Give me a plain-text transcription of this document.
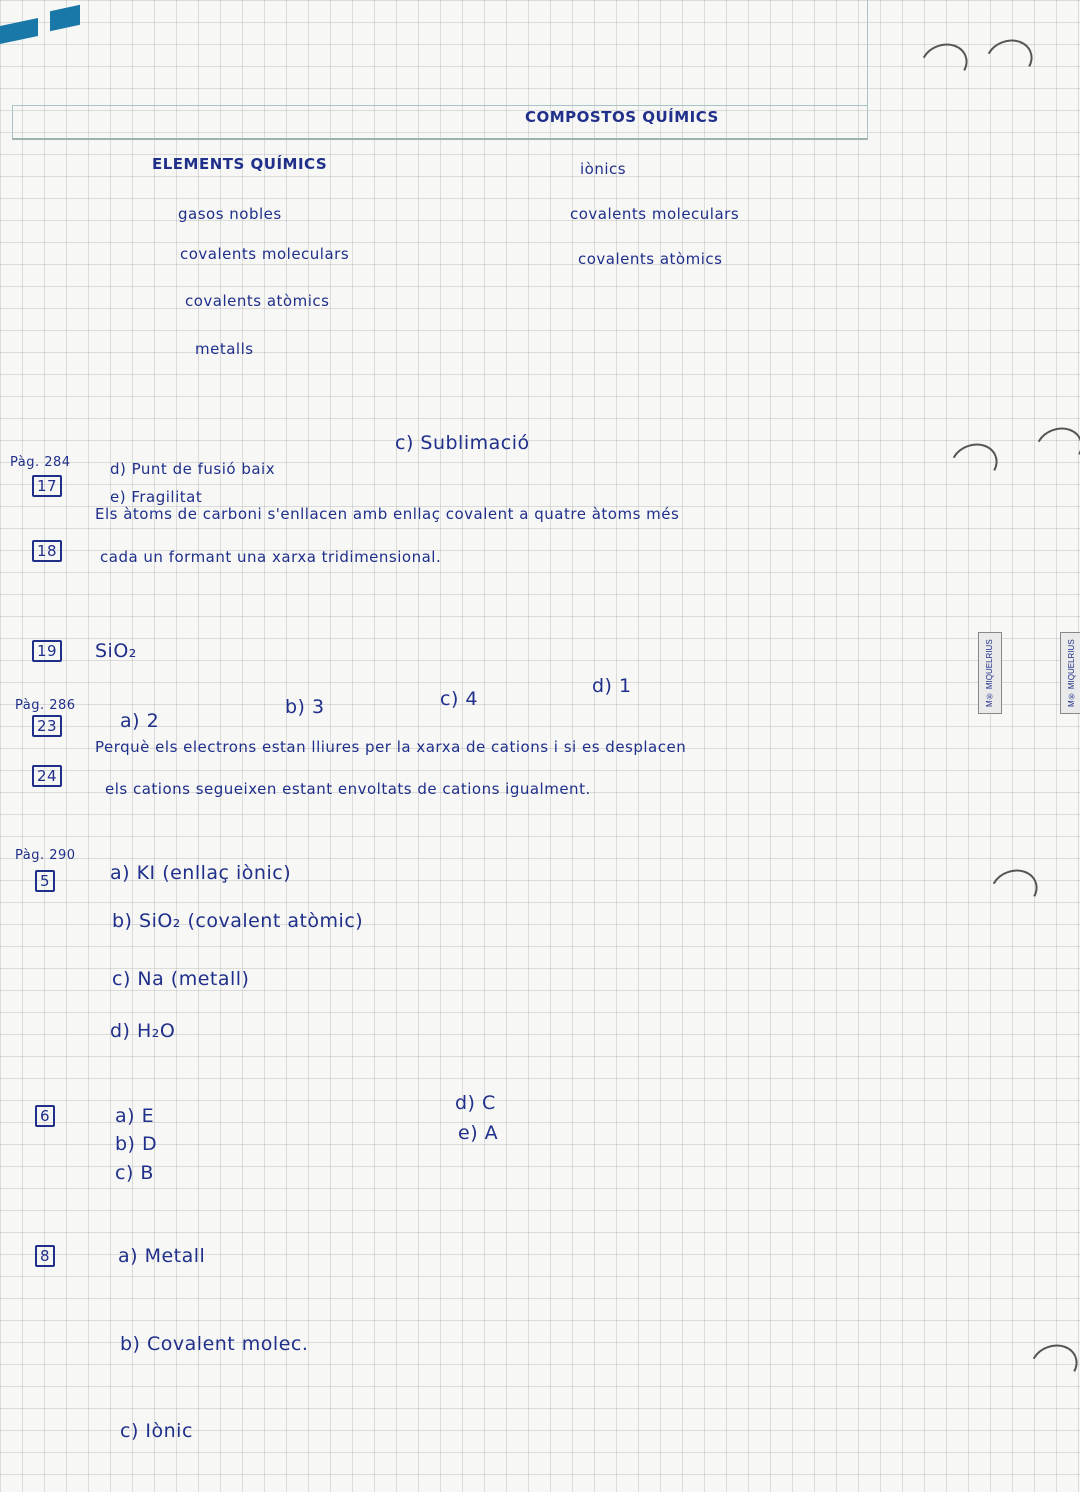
M® MIQUELRIUS	M® MIQUELRIUS
ELEMENTS QUÍMICS
COMPOSTOS QUÍMICS
gasos nobles
covalents moleculars
covalents atòmics
metalls
iònics
covalents moleculars
covalents atòmics
Pàg. 284
17
d) Punt de fusió baix
e) Fragilitat
c) Sublimació
18
Els àtoms de carboni s'enllacen amb enllaç covalent a quatre àtoms més
cada un formant una xarxa tridimensional.
19 SiO₂
Pàg. 286
23	a) 2
b) 3	c) 4
d) 1
24
Perquè els electrons estan lliures per la xarxa de cations i si es desplacen
els cations segueixen estant envoltats de cations igualment.
Pàg. 290
5	a) KI (enllaç iònic)
b) SiO₂ (covalent atòmic)
c) Na (metall)
d) H₂O
6	a) E
b) D
c) B
d) C
e) A
8	a) Metall
b) Covalent molec.
c) Iònic
